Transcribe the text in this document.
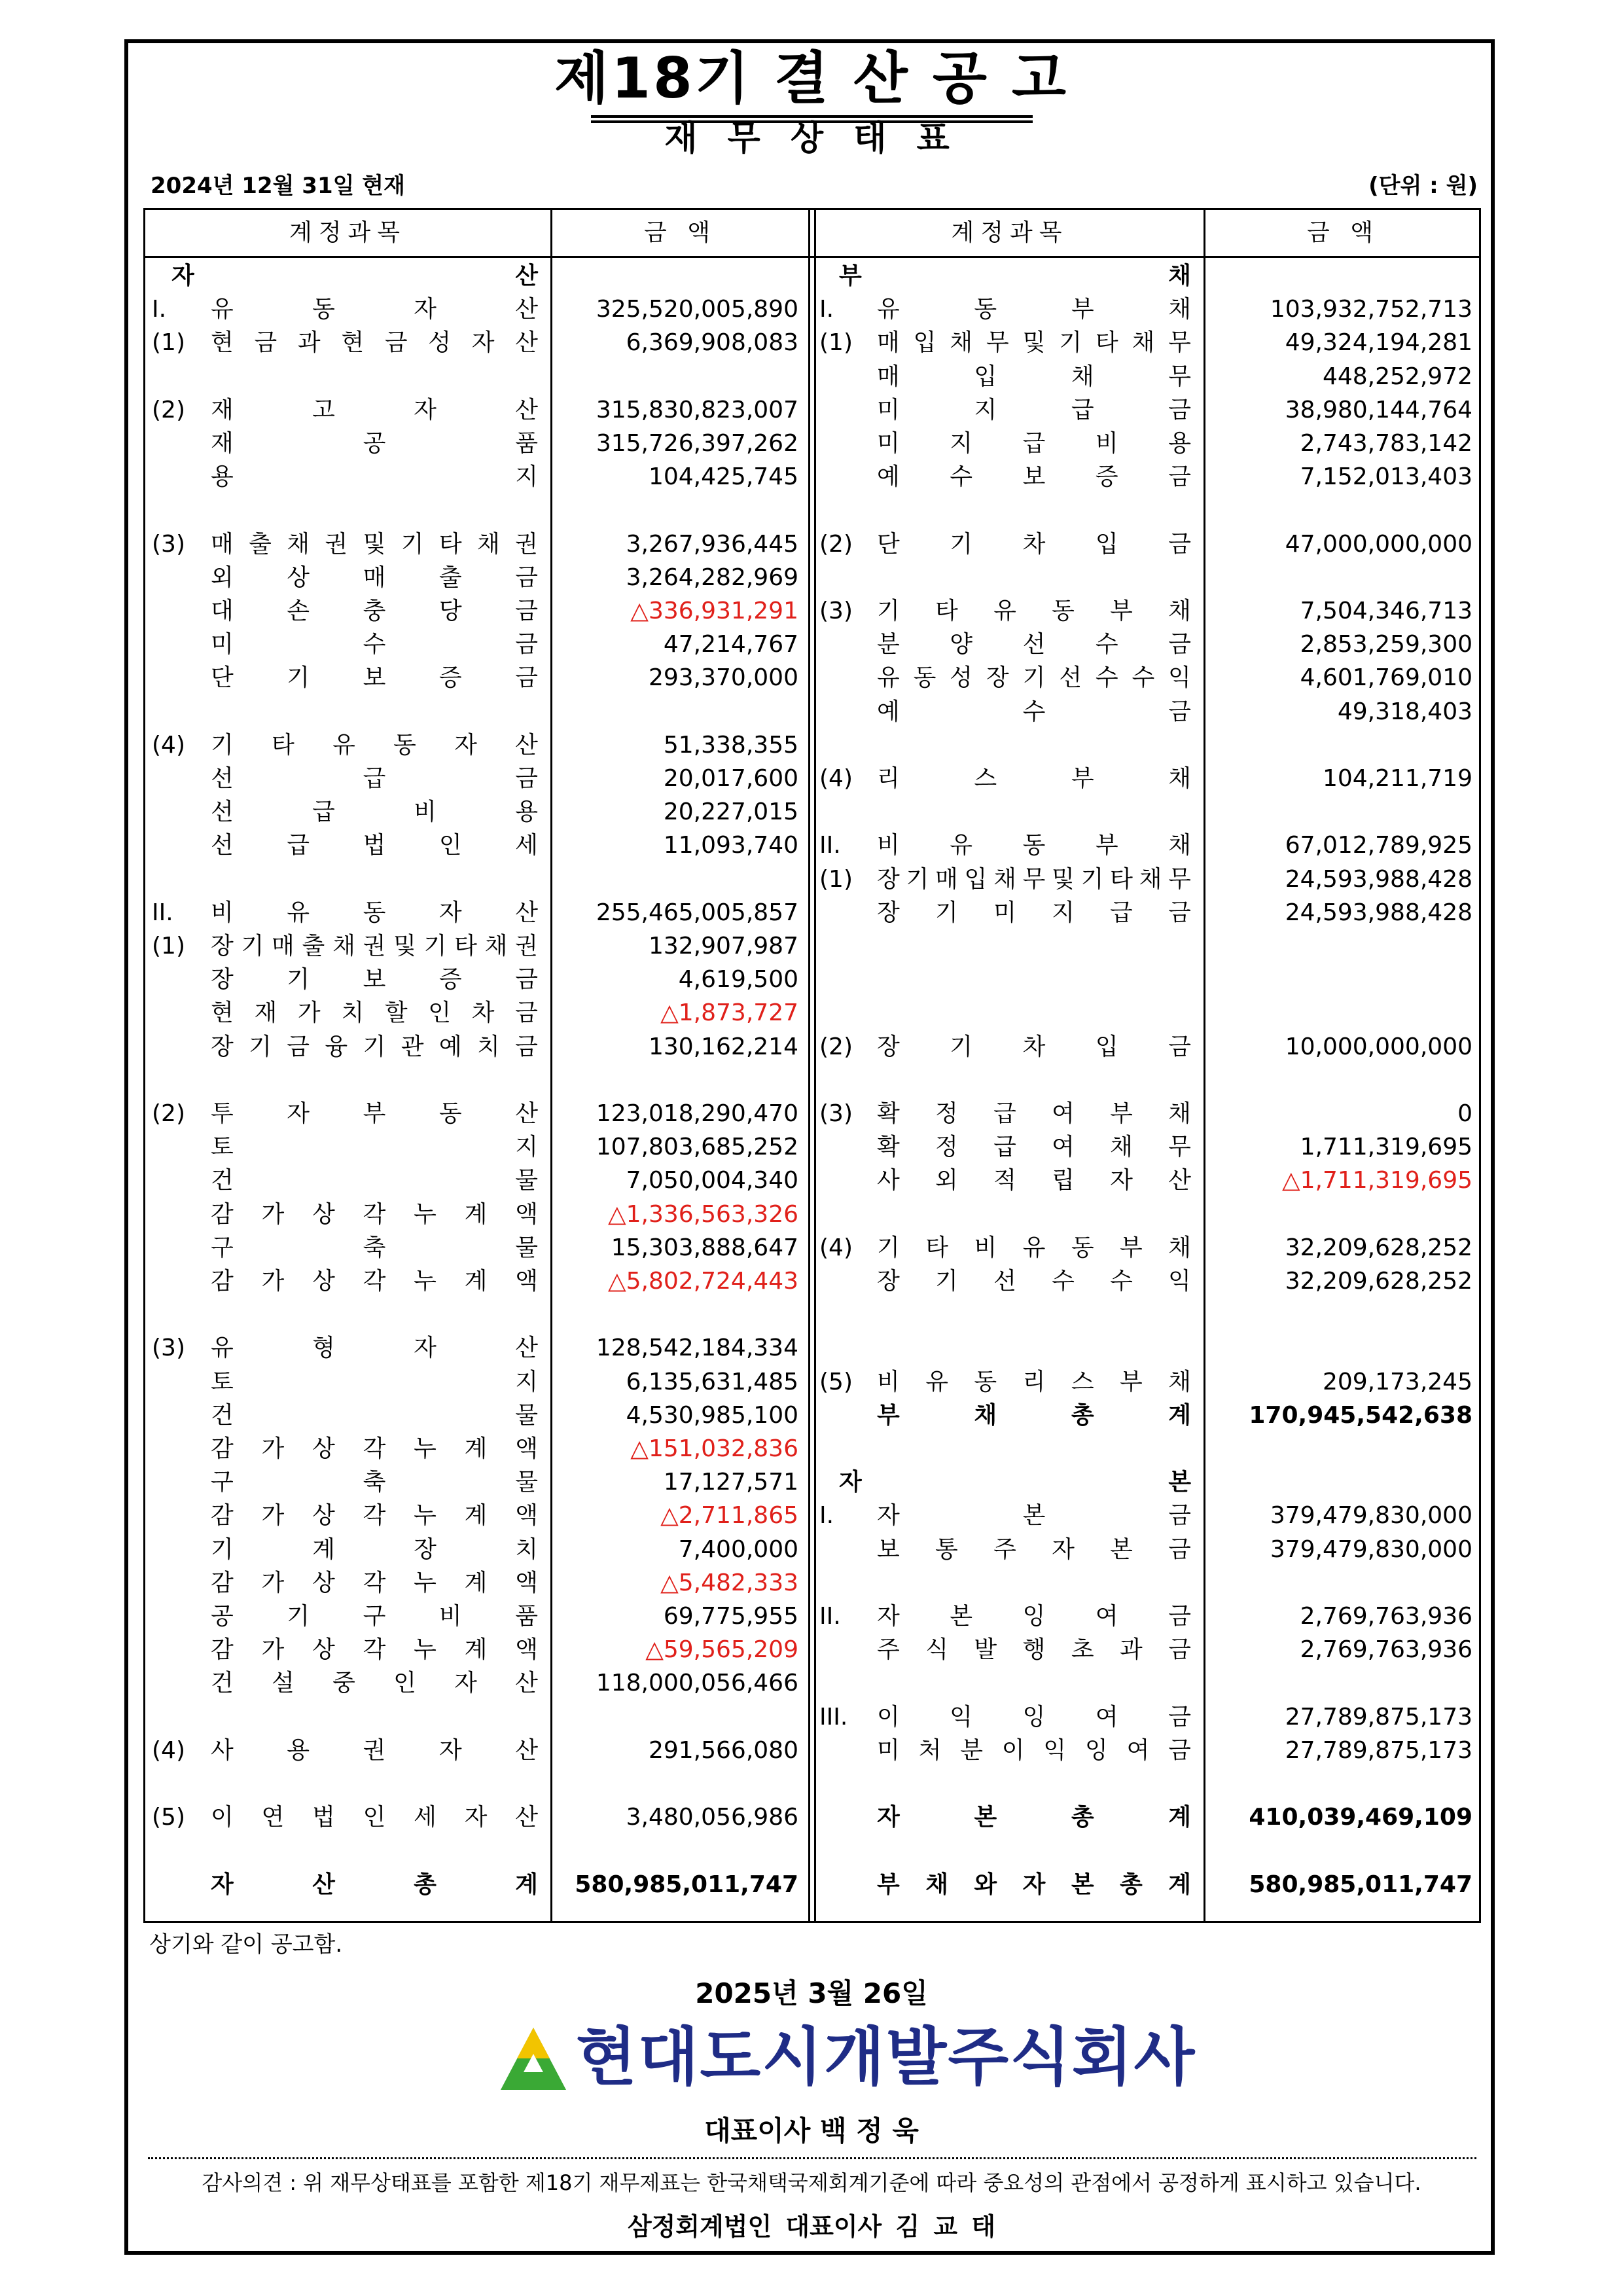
제18기 결 산 공 고
재 무 상 태 표
2024년 12월 31일 현재	(단위 : 원)
계정과목	금 액	계정과목	금 액
자	산
I. 유	동	자	산	325,520,005,890
(1) 현 금 과 현 금 성 자 산	6,369,908,083
(2) 재	고	자	산	315,830,823,007
재	공	품	315,726,397,262
용	지	104,425,745
(3) 매 출 채 권 및 기 타 채 권	3,267,936,445
외 상 매 출 금	3,264,282,969
대 손 충 당 금	△336,931,291
미	수	금	47,214,767
단 기 보 증 금	293,370,000
(4) 기 타 유 동 자 산	51,338,355
선	급	금	20,017,600
선	급	비	용	20,227,015
선 급 법 인 세	11,093,740
II. 비 유 동 자 산	255,465,005,857
(1) 장 기 매 출 채 권 및 기 타 채 권	132,907,987
장 기 보 증 금	4,619,500
현 재 가 치 할 인 차 금	△1,873,727
장 기 금 융 기 관 예 치 금	130,162,214
(2) 투 자 부 동 산	123,018,290,470
토	지	107,803,685,252
건	물	7,050,004,340
감 가 상 각 누 계 액	△1,336,563,326
구	축	물	15,303,888,647
감 가 상 각 누 계 액	△5,802,724,443
(3) 유	형	자	산	128,542,184,334
토	지	6,135,631,485
건	물	4,530,985,100
감 가 상 각 누 계 액	△151,032,836
구	축	물	17,127,571
감 가 상 각 누 계 액	△2,711,865
기	계	장	치	7,400,000
감 가 상 각 누 계 액	△5,482,333
공 기 구 비 품	69,775,955
감 가 상 각 누 계 액	△59,565,209
건 설 중 인 자 산	118,000,056,466
(4) 사 용 권 자 산	291,566,080
(5) 이 연 법 인 세 자 산	3,480,056,986
자	산	총	계	580,985,011,747
부	채
I. 유	동	부	채	103,932,752,713
(1) 매 입 채 무 및 기 타 채 무	49,324,194,281
매	입	채	무	448,252,972
미	지	급	금	38,980,144,764
미 지 급 비 용	2,743,783,142
예 수 보 증 금	7,152,013,403
(2) 단 기 차 입 금	47,000,000,000
(3) 기 타 유 동 부 채	7,504,346,713
분 양 선 수 금	2,853,259,300
유 동 성 장 기 선 수 수 익	4,601,769,010
예	수	금	49,318,403
(4) 리	스	부	채	104,211,719
II. 비 유 동 부 채	67,012,789,925
(1) 장 기 매 입 채 무 및 기 타 채 무	24,593,988,428
장 기 미 지 급 금	24,593,988,428
(2) 장 기 차 입 금	10,000,000,000
(3) 확 정 급 여 부 채	0
확 정 급 여 채 무	1,711,319,695
사 외 적 립 자 산	△1,711,319,695
(4) 기 타 비 유 동 부 채	32,209,628,252
장 기 선 수 수 익	32,209,628,252
(5) 비 유 동 리 스 부 채	209,173,245
부	채	총	계	170,945,542,638
자	본
I. 자	본	금	379,479,830,000
보 통 주 자 본 금	379,479,830,000
II. 자 본 잉 여 금	2,769,763,936
주 식 발 행 초 과 금	2,769,763,936
III. 이 익 잉 여 금	27,789,875,173
미 처 분 이 익 잉 여 금	27,789,875,173
자	본	총	계	410,039,469,109
부 채 와 자 본 총 계	580,985,011,747
상기와 같이 공고함.
2025년 3월 26일
현대도시개발주식회사
대표이사 백 정 욱
감사의견 : 위 재무상태표를 포함한 제18기 재무제표는 한국채택국제회계기준에 따라 중요성의 관점에서 공정하게 표시하고 있습니다.
삼정회계법인 대표이사 김 교 태
